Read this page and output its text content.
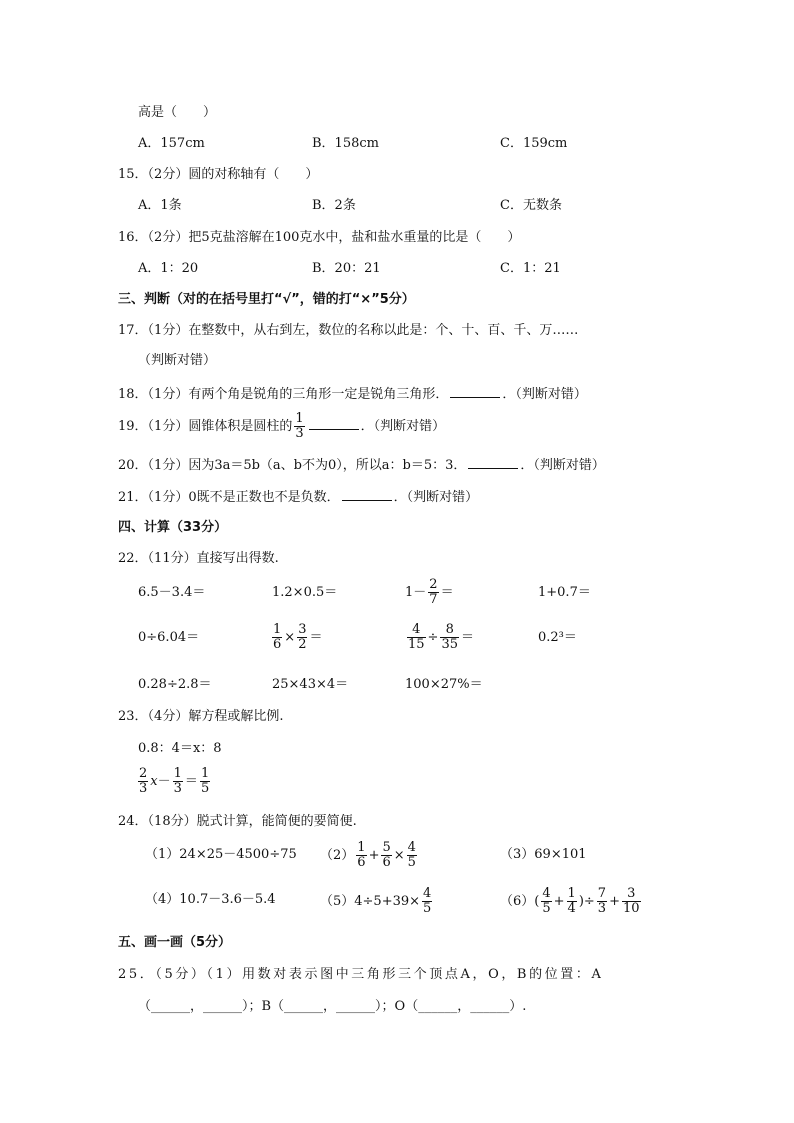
高是（　　）
A．157cm	B．158cm	C．159cm
15．（2分）圆的对称轴有（　　）
A．1条	B．2条	C．无数条
16．（2分）把5克盐溶解在100克水中，盐和盐水重量的比是（　　）
A．1：20	B．20：21	C．1：21
三、判断（对的在括号里打“√”，错的打“×”5分）
17．（1分）在整数中，从右到左，数位的名称以此是：个、十、百、千、万……
（判断对错）
18．（1分）有两个角是锐角的三角形一定是锐角三角形．	．（判断对错）
19．（1分）圆锥体积是圆柱的 $\frac{1}{3}$	．（判断对错）
20．（1分）因为3a＝5b（a、b不为0），所以a：b＝5：3．	．（判断对错）
21．（1分）0既不是正数也不是负数．	．（判断对错）
四、计算（33分）
22．（11分）直接写出得数.
6.5－3.4＝	1.2×0.5＝	$1- \frac{2}{7}$ ＝	1+0.7＝
0÷6.04＝	$\frac{1}{6} \times \frac{3}{2}$ ＝	$\frac{4}{15} \div \frac{8}{35}$ ＝	0.2³＝
0.28÷2.8＝	25×43×4＝	100×27%＝
23．（4分）解方程或解比例.
0.8：4＝x：8
$\frac{2}{3} x- \frac{1}{3} = \frac{1}{5}$
24．（18分）脱式计算，能简便的要简便.
（1）24×25－4500÷75 $(2) \frac{1}{6} + \frac{5}{6} \times \frac{4}{5}$	（3）69×101
（4）10.7－3.6－5.4	$(5)4\div 5+39\times \frac{4}{5}$	$(6)( \frac{4}{5} + \frac{1}{4}$ )÷ $\frac{7}{3} + \frac{3}{10}$
五、画一画（5分）
25．（5分）（1）用数对表示图中三角形三个顶点A，O，B的位置：A
（______，______）；B（______，______）；O（______，______）.
